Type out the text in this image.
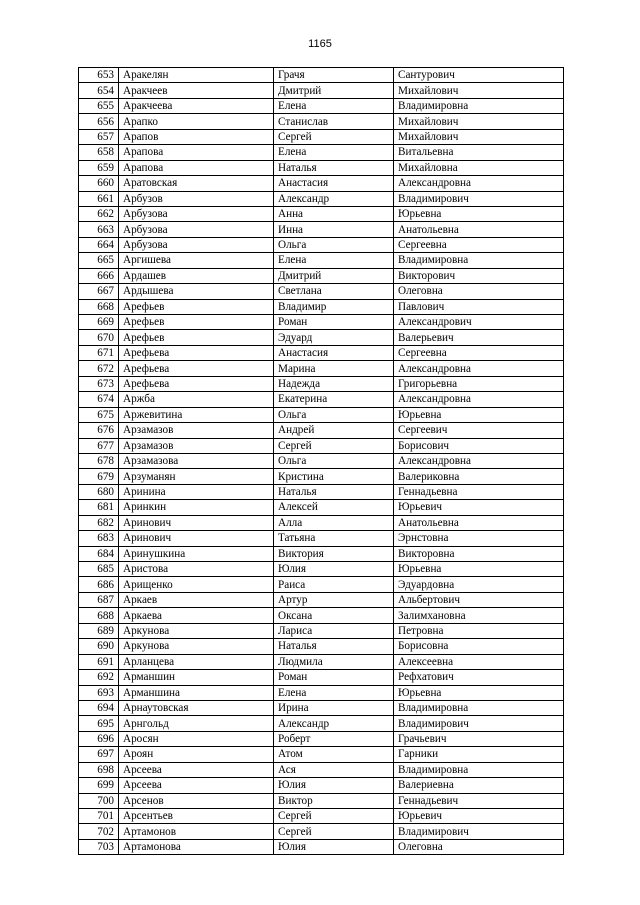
1165
653	Аракелян	Грачя	Сантурович
654	Аракчеев	Дмитрий	Михайлович
655	Аракчеева	Елена	Владимировна
656	Арапко	Станислав	Михайлович
657	Арапов	Сергей	Михайлович
658	Арапова	Елена	Витальевна
659	Арапова	Наталья	Михайловна
660	Аратовская	Анастасия	Александровна
661	Арбузов	Александр	Владимирович
662	Арбузова	Анна	Юрьевна
663	Арбузова	Инна	Анатольевна
664	Арбузова	Ольга	Сергеевна
665	Аргишева	Елена	Владимировна
666	Ардашев	Дмитрий	Викторович
667	Ардышева	Светлана	Олеговна
668	Арефьев	Владимир	Павлович
669	Арефьев	Роман	Александрович
670	Арефьев	Эдуард	Валерьевич
671	Арефьева	Анастасия	Сергеевна
672	Арефьева	Марина	Александровна
673	Арефьева	Надежда	Григорьевна
674	Аржба	Екатерина	Александровна
675	Аржевитина	Ольга	Юрьевна
676	Арзамазов	Андрей	Сергеевич
677	Арзамазов	Сергей	Борисович
678	Арзамазова	Ольга	Александровна
679	Арзуманян	Кристина	Валериковна
680	Аринина	Наталья	Геннадьевна
681	Аринкин	Алексей	Юрьевич
682	Аринович	Алла	Анатольевна
683	Аринович	Татьяна	Эрнстовна
684	Аринушкина	Виктория	Викторовна
685	Аристова	Юлия	Юрьевна
686	Арищенко	Раиса	Эдуардовна
687	Аркаев	Артур	Альбертович
688	Аркаева	Оксана	Залимхановна
689	Аркунова	Лариса	Петровна
690	Аркунова	Наталья	Борисовна
691	Арланцева	Людмила	Алексеевна
692	Арманшин	Роман	Рефхатович
693	Арманшина	Елена	Юрьевна
694	Арнаутовская	Ирина	Владимировна
695	Арнгольд	Александр	Владимирович
696	Аросян	Роберт	Грачьевич
697	Ароян	Атом	Гарники
698	Арсеева	Ася	Владимировна
699	Арсеева	Юлия	Валериевна
700	Арсенов	Виктор	Геннадьевич
701	Арсентьев	Сергей	Юрьевич
702	Артамонов	Сергей	Владимирович
703	Артамонова	Юлия	Олеговна
